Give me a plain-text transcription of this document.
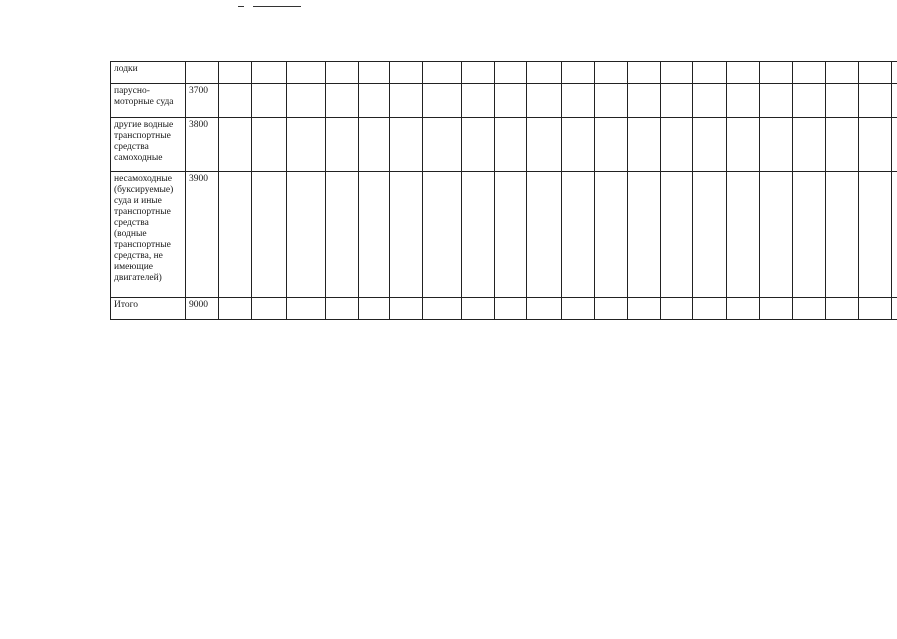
лодки																								
парусно-моторные суда	3700																							
другие водные транспортные средства самоходные	3800																							
несамоходные (буксируемые) суда и иные транспортные средства (водные транспортные средства, не имеющие двигателей)	3900																							
Итого	9000																							
